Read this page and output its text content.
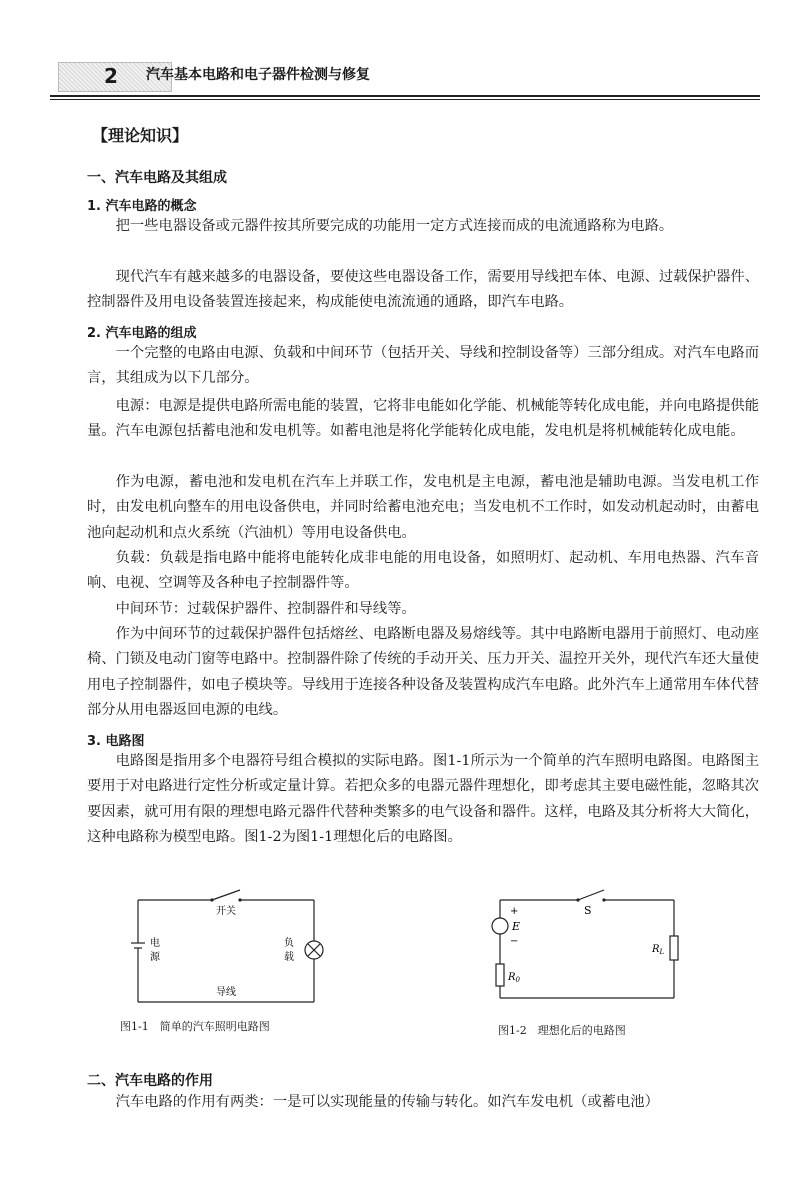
2	汽车基本电路和电子器件检测与修复
【理论知识】
一、汽车电路及其组成
1. 汽车电路的概念
把一些电器设备或元器件按其所要完成的功能用一定方式连接而成的电流通路称为电路。
现代汽车有越来越多的电器设备，要使这些电器设备工作，需要用导线把车体、电源、过载保护器件、控制器件及用电设备装置连接起来，构成能使电流流通的通路，即汽车电路。
2. 汽车电路的组成
一个完整的电路由电源、负载和中间环节（包括开关、导线和控制设备等）三部分组成。对汽车电路而言，其组成为以下几部分。
电源：电源是提供电路所需电能的装置，它将非电能如化学能、机械能等转化成电能，并向电路提供能量。汽车电源包括蓄电池和发电机等。如蓄电池是将化学能转化成电能，发电机是将机械能转化成电能。
作为电源，蓄电池和发电机在汽车上并联工作，发电机是主电源，蓄电池是辅助电源。当发电机工作时，由发电机向整车的用电设备供电，并同时给蓄电池充电；当发电机不工作时，如发动机起动时，由蓄电池向起动机和点火系统（汽油机）等用电设备供电。
负载：负载是指电路中能将电能转化成非电能的用电设备，如照明灯、起动机、车用电热器、汽车音响、电视、空调等及各种电子控制器件等。
中间环节：过载保护器件、控制器件和导线等。
作为中间环节的过载保护器件包括熔丝、电路断电器及易熔线等。其中电路断电器用于前照灯、电动座椅、门锁及电动门窗等电路中。控制器件除了传统的手动开关、压力开关、温控开关外，现代汽车还大量使用电子控制器件，如电子模块等。导线用于连接各种设备及装置构成汽车电路。此外汽车上通常用车体代替部分从用电器返回电源的电线。
3. 电路图
电路图是指用多个电器符号组合模拟的实际电路。图1-1所示为一个简单的汽车照明电路图。电路图主要用于对电路进行定性分析或定量计算。若把众多的电器元器件理想化，即考虑其主要电磁性能，忽略其次要因素，就可用有限的理想电路元器件代替种类繁多的电气设备和器件。这样，电路及其分析将大大简化，这种电路称为模型电路。图1-2为图1-1理想化后的电路图。
开关
电
源
负
载
导线
图1-1　简单的汽车照明电路图
S
+
−
E
$R_0$
$R_L$
图1-2　理想化后的电路图
二、汽车电路的作用
汽车电路的作用有两类：一是可以实现能量的传输与转化。如汽车发电机（或蓄电池）
